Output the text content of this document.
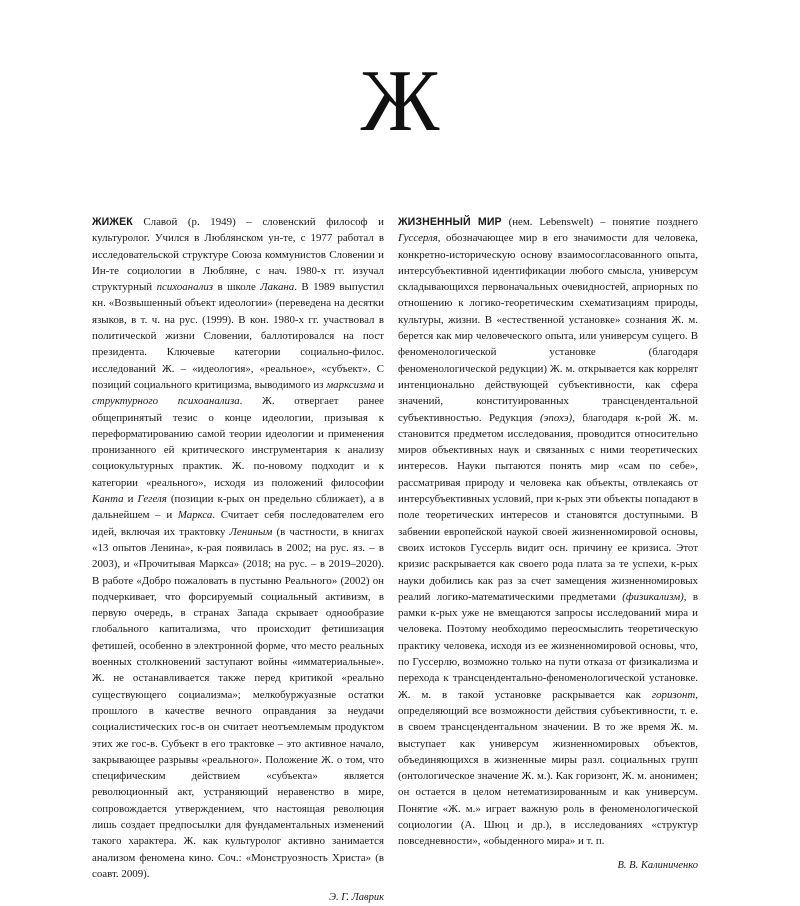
Ж

ЖИЖЕК Славой (р. 1949) – словенский философ и культуролог. Учился в Люблянском ун-те, с 1977 работал в исследовательской структуре Союза коммунистов Словении и Ин-те социологии в Любляне, с нач. 1980-х гг. изучал структурный психоанализ в школе Лакана. В 1989 выпустил кн. «Возвышенный объект идеологии» (переведена на десятки языков, в т. ч. на рус. (1999). В кон. 1980-х гг. участвовал в политической жизни Словении, баллотировался на пост президента. Ключевые категории социально-филос. исследований Ж. – «идеология», «реальное», «субъект». С позиций социального критицизма, выводимого из марксизма и структурного психоанализа. Ж. отвергает ранее общепринятый тезис о конце идеологии, призывая к переформатированию самой теории идеологии и применения пронизанного ей критического инструментария к анализу социокультурных практик. Ж. по-новому подходит и к категории «реального», исходя из положений философии Канта и Гегеля (позиции к-рых он предельно сближает), а в дальнейшем – и Маркса. Считает себя последователем его идей, включая их трактовку Лениным (в частности, в книгах «13 опытов Ленина», к-рая появилась в 2002; на рус. яз. – в 2003), и «Прочитывая Маркса» (2018; на рус. – в 2019–2020). В работе «Добро пожаловать в пустыню Реального» (2002) он подчеркивает, что форсируемый социальный активизм, в первую очередь, в странах Запада скрывает однообразие глобального капитализма, что происходит фетишизация фетишей, особенно в электронной форме, что место реальных военных столкновений заступают войны «имматериальные». Ж. не останавливается также перед критикой «реально существующего социализма»; мелкобуржуазные остатки прошлого в качестве вечного оправдания за неудачи социалистических гос-в он считает неотъемлемым продуктом этих же гос-в. Субъект в его трактовке – это активное начало, закрывающее разрывы «реального». Положение Ж. о том, что специфическим действием «субъекта» является революционный акт, устраняющий неравенство в мире, сопровождается утверждением, что настоящая революция лишь создает предпосылки для фундаментальных изменений такого характера. Ж. как культуролог активно занимается анализом феномена кино. Соч.: «Монструозность Христа» (в соавт. 2009).

Э. Г. Лаврик

ЖИЗНЕННЫЙ МИР (нем. Lebenswelt) – понятие позднего Гуссерля, обозначающее мир в его значимости для человека, конкретно-историческую основу взаимосогласованного опыта, интерсубъективной идентификации любого смысла, универсум складывающихся первоначальных очевидностей, априорных по отношению к логико-теоретическим схематизациям природы, культуры, жизни. В «естественной установке» сознания Ж. м. берется как мир человеческого опыта, или универсум сущего. В феноменологической установке (благодаря феноменологической редукции) Ж. м. открывается как коррелят интенционально действующей субъективности, как сфера значений, конституированных трансцендентальной субъективностью. Редукция (эпохэ), благодаря к-рой Ж. м. становится предметом исследования, проводится относительно миров объективных наук и связанных с ними теоретических интересов. Науки пытаются понять мир «сам по себе», рассматривая природу и человека как объекты, отвлекаясь от интерсубъективных условий, при к-рых эти объекты попадают в поле теоретических интересов и становятся доступными. В забвении европейской наукой своей жизненномировой основы, своих истоков Гуссерль видит осн. причину ее кризиса. Этот кризис раскрывается как своего рода плата за те успехи, к-рых науки добились как раз за счет замещения жизненномировых реалий логико-математическими предметами (физикализм), в рамки к-рых уже не вмещаются запросы исследований мира и человека. Поэтому необходимо переосмыслить теоретическую практику человека, исходя из ее жизненномировой основы, что, по Гуссерлю, возможно только на пути отказа от физикализма и перехода к трансцендентально-феноменологической установке. Ж. м. в такой установке раскрывается как горизонт, определяющий все возможности действия субъективности, т. е. в своем трансцендентальном значении. В то же время Ж. м. выступает как универсум жизненномировых объектов, объединяющихся в жизненные миры разл. социальных групп (онтологическое значение Ж. м.). Как горизонт, Ж. м. анонимен; он остается в целом нетематизированным и как универсум. Понятие «Ж. м.» играет важную роль в феноменологической социологии (А. Шюц и др.), в исследованиях «структур повседневности», «обыденного мира» и т. п.

В. В. Калиниченко
